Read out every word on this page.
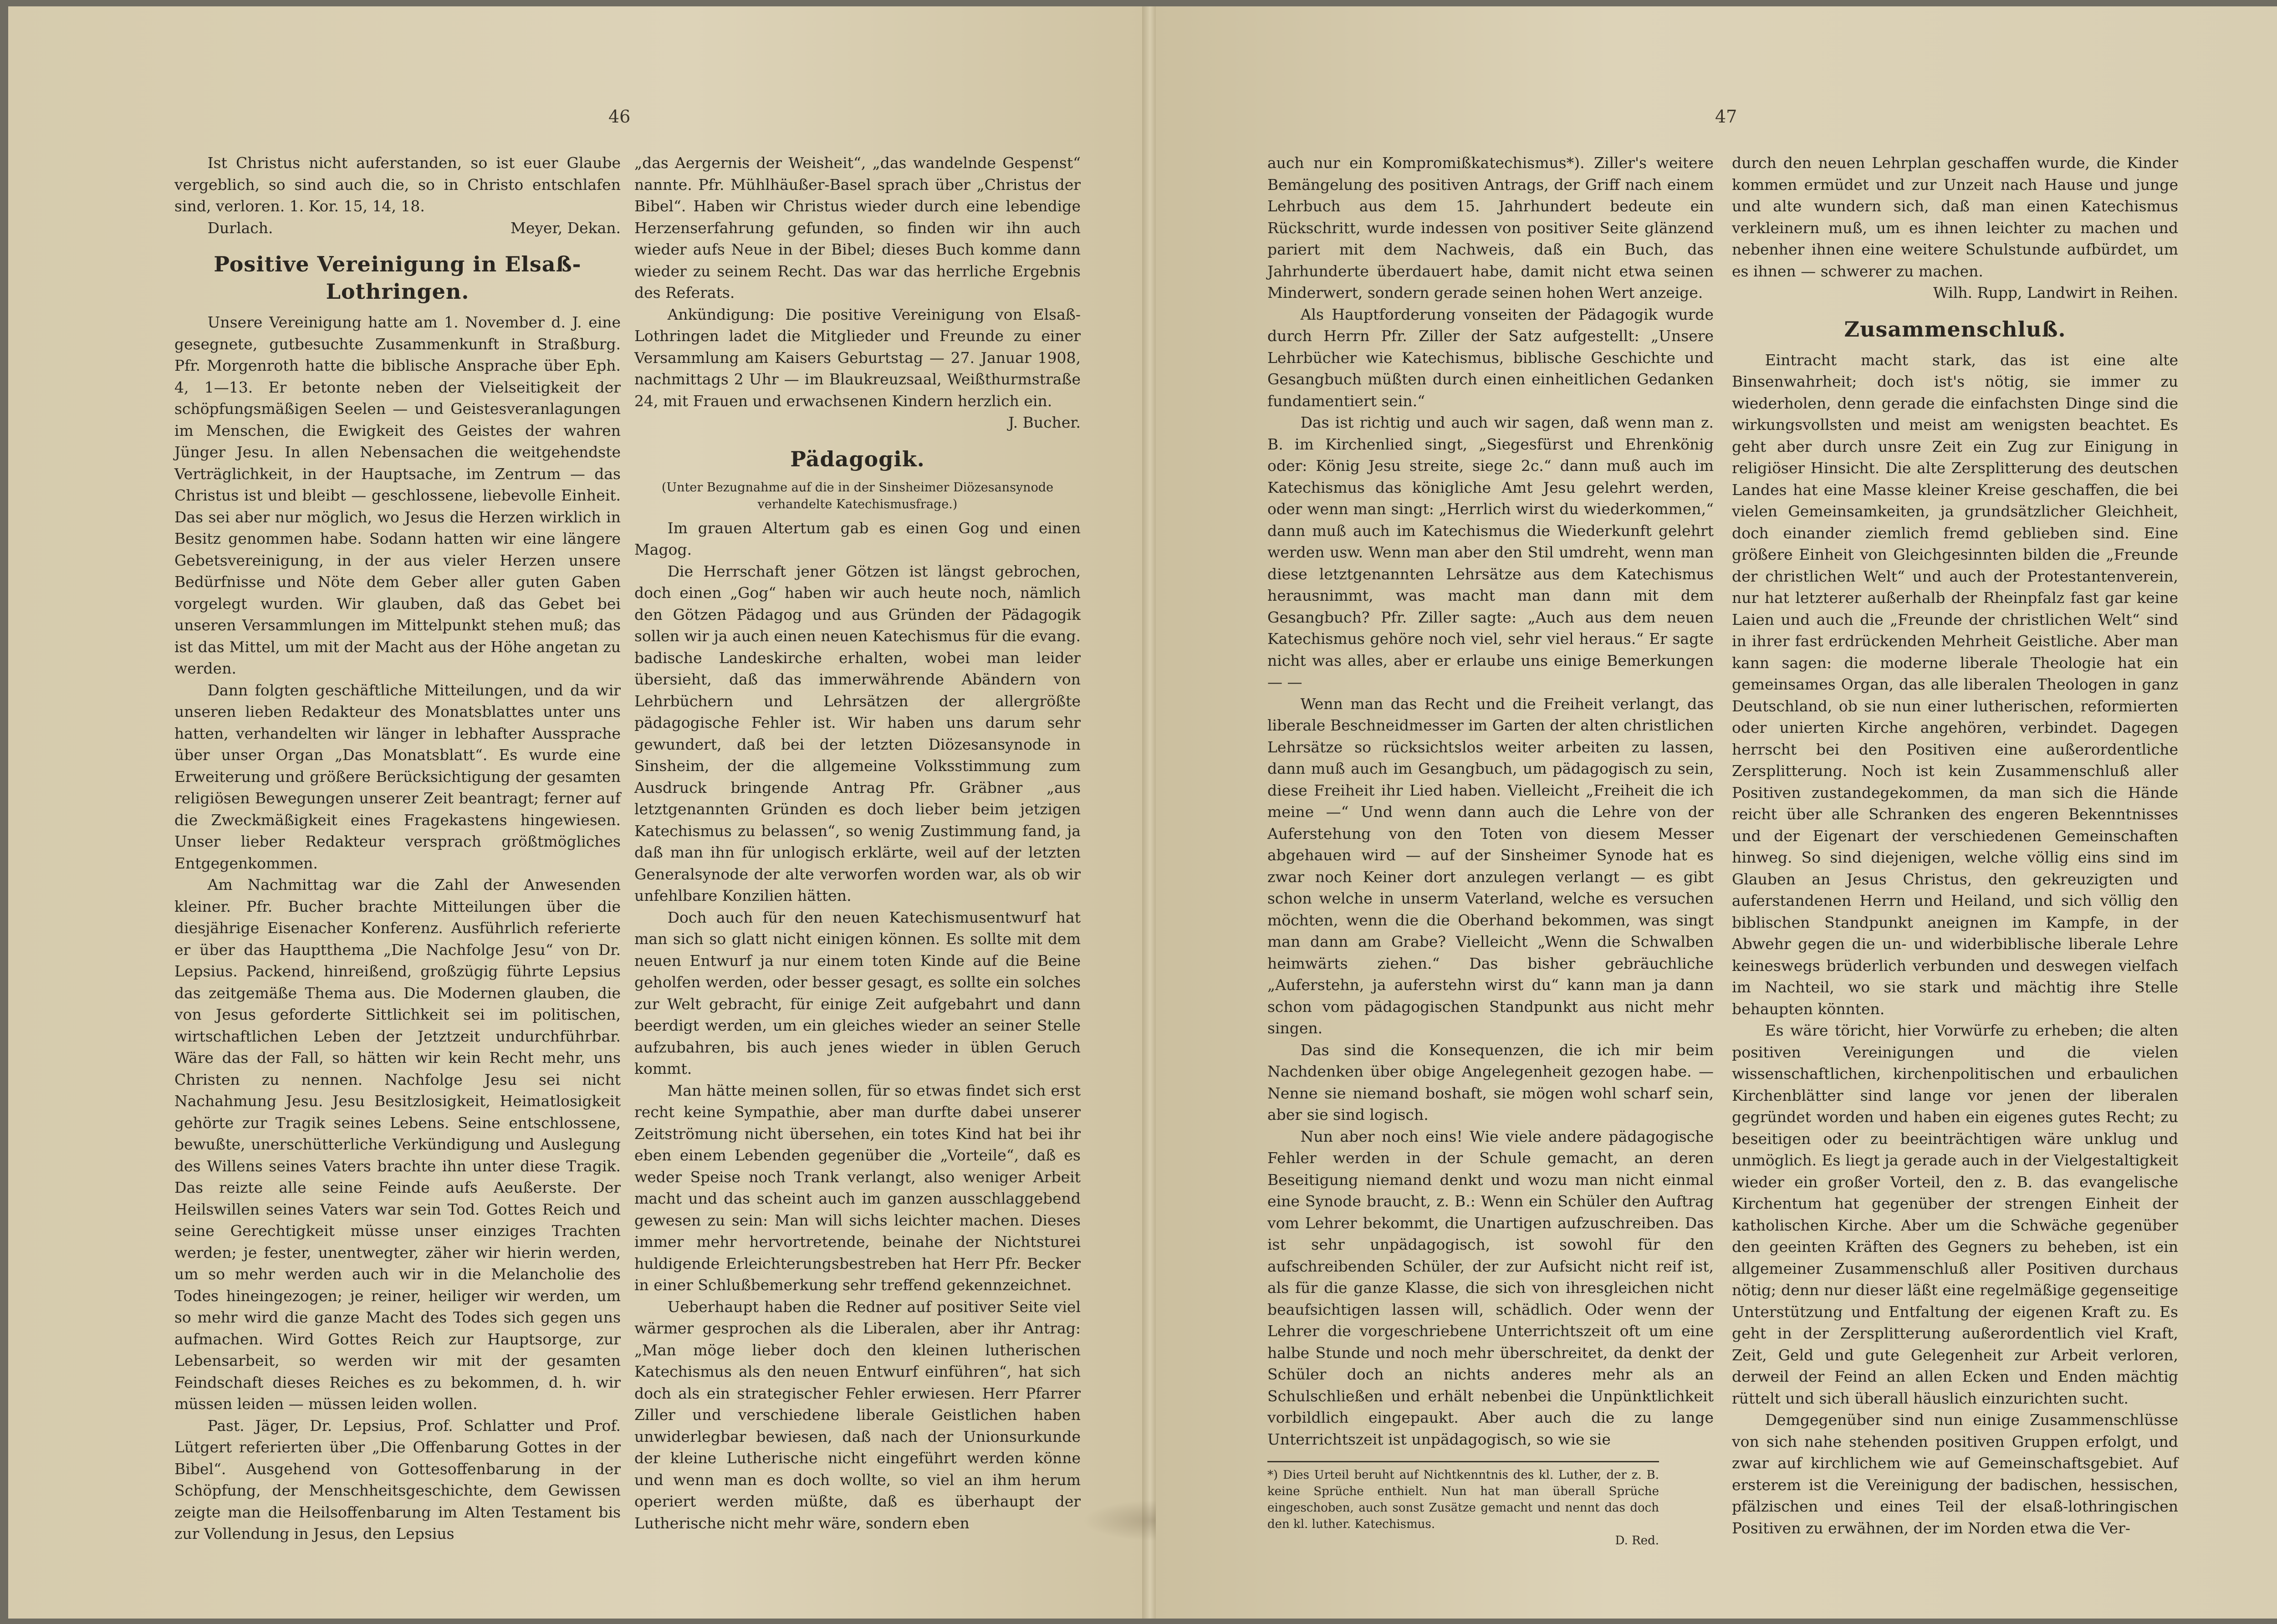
46

Ist Christus nicht auferstanden, so ist euer Glaube vergeblich, so sind auch die, so in Christo entschlafen sind, verloren. 1. Kor. 15, 14, 18.

Durlach.	Meyer, Dekan.

Positive Vereinigung in Elsaß-Lothringen.

Unsere Vereinigung hatte am 1. November d. J. eine gesegnete, gutbesuchte Zusammenkunft in Straßburg. Pfr. Morgenroth hatte die biblische Ansprache über Eph. 4, 1—13. Er betonte neben der Vielseitigkeit der schöpfungsmäßigen Seelen — und Geistesveranlagungen im Menschen, die Ewigkeit des Geistes der wahren Jünger Jesu. In allen Nebensachen die weitgehendste Verträglichkeit, in der Hauptsache, im Zentrum — das Christus ist und bleibt — geschlossene, liebevolle Einheit. Das sei aber nur möglich, wo Jesus die Herzen wirklich in Besitz genommen habe. Sodann hatten wir eine längere Gebetsvereinigung, in der aus vieler Herzen unsere Bedürfnisse und Nöte dem Geber aller guten Gaben vorgelegt wurden. Wir glauben, daß das Gebet bei unseren Versammlungen im Mittelpunkt stehen muß; das ist das Mittel, um mit der Macht aus der Höhe angetan zu werden.

Dann folgten geschäftliche Mitteilungen, und da wir unseren lieben Redakteur des Monatsblattes unter uns hatten, verhandelten wir länger in lebhafter Aussprache über unser Organ „Das Monatsblatt“. Es wurde eine Erweiterung und größere Berücksichtigung der gesamten religiösen Bewegungen unserer Zeit beantragt; ferner auf die Zweckmäßigkeit eines Fragekastens hingewiesen. Unser lieber Redakteur versprach größtmögliches Entgegenkommen.

Am Nachmittag war die Zahl der Anwesenden kleiner. Pfr. Bucher brachte Mitteilungen über die diesjährige Eisenacher Konferenz. Ausführlich referierte er über das Hauptthema „Die Nachfolge Jesu“ von Dr. Lepsius. Packend, hinreißend, großzügig führte Lepsius das zeitgemäße Thema aus. Die Modernen glauben, die von Jesus geforderte Sittlichkeit sei im politischen, wirtschaftlichen Leben der Jetztzeit undurchführbar. Wäre das der Fall, so hätten wir kein Recht mehr, uns Christen zu nennen. Nachfolge Jesu sei nicht Nachahmung Jesu. Jesu Besitzlosigkeit, Heimatlosigkeit gehörte zur Tragik seines Lebens. Seine entschlossene, bewußte, unerschütterliche Verkündigung und Auslegung des Willens seines Vaters brachte ihn unter diese Tragik. Das reizte alle seine Feinde aufs Aeußerste. Der Heilswillen seines Vaters war sein Tod. Gottes Reich und seine Gerechtigkeit müsse unser einziges Trachten werden; je fester, unentwegter, zäher wir hierin werden, um so mehr werden auch wir in die Melancholie des Todes hineingezogen; je reiner, heiliger wir werden, um so mehr wird die ganze Macht des Todes sich gegen uns aufmachen. Wird Gottes Reich zur Hauptsorge, zur Lebensarbeit, so werden wir mit der gesamten Feindschaft dieses Reiches es zu bekommen, d. h. wir müssen leiden — müssen leiden wollen.

Past. Jäger, Dr. Lepsius, Prof. Schlatter und Prof. Lütgert referierten über „Die Offenbarung Gottes in der Bibel“. Ausgehend von Gottesoffenbarung in der Schöpfung, der Menschheitsgeschichte, dem Gewissen zeigte man die Heilsoffenbarung im Alten Testament bis zur Vollendung in Jesus, den Lepsius

„das Aergernis der Weisheit“, „das wandelnde Gespenst“ nannte. Pfr. Mühlhäußer-Basel sprach über „Christus der Bibel“. Haben wir Christus wieder durch eine lebendige Herzenserfahrung gefunden, so finden wir ihn auch wieder aufs Neue in der Bibel; dieses Buch komme dann wieder zu seinem Recht. Das war das herrliche Ergebnis des Referats.

Ankündigung: Die positive Vereinigung von Elsaß-Lothringen ladet die Mitglieder und Freunde zu einer Versammlung am Kaisers Geburtstag — 27. Januar 1908, nachmittags 2 Uhr — im Blaukreuzsaal, Weißthurmstraße 24, mit Frauen und erwachsenen Kindern herzlich ein.

J. Bucher.

Pädagogik.
(Unter Bezugnahme auf die in der Sinsheimer Diözesansynode verhandelte Katechismusfrage.)

Im grauen Altertum gab es einen Gog und einen Magog.

Die Herrschaft jener Götzen ist längst gebrochen, doch einen „Gog“ haben wir auch heute noch, nämlich den Götzen Pädagog und aus Gründen der Pädagogik sollen wir ja auch einen neuen Katechismus für die evang. badische Landeskirche erhalten, wobei man leider übersieht, daß das immerwährende Abändern von Lehrbüchern und Lehrsätzen der allergrößte pädagogische Fehler ist. Wir haben uns darum sehr gewundert, daß bei der letzten Diözesansynode in Sinsheim, der die allgemeine Volksstimmung zum Ausdruck bringende Antrag Pfr. Gräbner „aus letztgenannten Gründen es doch lieber beim jetzigen Katechismus zu belassen“, so wenig Zustimmung fand, ja daß man ihn für unlogisch erklärte, weil auf der letzten Generalsynode der alte verworfen worden war, als ob wir unfehlbare Konzilien hätten.

Doch auch für den neuen Katechismusentwurf hat man sich so glatt nicht einigen können. Es sollte mit dem neuen Entwurf ja nur einem toten Kinde auf die Beine geholfen werden, oder besser gesagt, es sollte ein solches zur Welt gebracht, für einige Zeit aufgebahrt und dann beerdigt werden, um ein gleiches wieder an seiner Stelle aufzubahren, bis auch jenes wieder in üblen Geruch kommt.

Man hätte meinen sollen, für so etwas findet sich erst recht keine Sympathie, aber man durfte dabei unserer Zeitströmung nicht übersehen, ein totes Kind hat bei ihr eben einem Lebenden gegenüber die „Vorteile“, daß es weder Speise noch Trank verlangt, also weniger Arbeit macht und das scheint auch im ganzen ausschlaggebend gewesen zu sein: Man will sichs leichter machen. Dieses immer mehr hervortretende, beinahe der Nichtsturei huldigende Erleichterungsbestreben hat Herr Pfr. Becker in einer Schlußbemerkung sehr treffend gekennzeichnet.

Ueberhaupt haben die Redner auf positiver Seite viel wärmer gesprochen als die Liberalen, aber ihr Antrag: „Man möge lieber doch den kleinen lutherischen Katechismus als den neuen Entwurf einführen“, hat sich doch als ein strategischer Fehler erwiesen. Herr Pfarrer Ziller und verschiedene liberale Geistlichen haben unwiderlegbar bewiesen, daß nach der Unionsurkunde der kleine Lutherische nicht eingeführt werden könne und wenn man es doch wollte, so viel an ihm herum operiert werden müßte, daß es überhaupt der Lutherische nicht mehr wäre, sondern eben

47

auch nur ein Kompromißkatechismus*). Ziller's weitere Bemängelung des positiven Antrags, der Griff nach einem Lehrbuch aus dem 15. Jahrhundert bedeute ein Rückschritt, wurde indessen von positiver Seite glänzend pariert mit dem Nachweis, daß ein Buch, das Jahrhunderte überdauert habe, damit nicht etwa seinen Minderwert, sondern gerade seinen hohen Wert anzeige.

Als Hauptforderung vonseiten der Pädagogik wurde durch Herrn Pfr. Ziller der Satz aufgestellt: „Unsere Lehrbücher wie Katechismus, biblische Geschichte und Gesangbuch müßten durch einen einheitlichen Gedanken fundamentiert sein.“

Das ist richtig und auch wir sagen, daß wenn man z. B. im Kirchenlied singt, „Siegesfürst und Ehrenkönig oder: König Jesu streite, siege 2c.“ dann muß auch im Katechismus das königliche Amt Jesu gelehrt werden, oder wenn man singt: „Herrlich wirst du wiederkommen,“ dann muß auch im Katechismus die Wiederkunft gelehrt werden usw. Wenn man aber den Stil umdreht, wenn man diese letztgenannten Lehrsätze aus dem Katechismus herausnimmt, was macht man dann mit dem Gesangbuch? Pfr. Ziller sagte: „Auch aus dem neuen Katechismus gehöre noch viel, sehr viel heraus.“ Er sagte nicht was alles, aber er erlaube uns einige Bemerkungen — —

Wenn man das Recht und die Freiheit verlangt, das liberale Beschneidmesser im Garten der alten christlichen Lehrsätze so rücksichtslos weiter arbeiten zu lassen, dann muß auch im Gesangbuch, um pädagogisch zu sein, diese Freiheit ihr Lied haben. Vielleicht „Freiheit die ich meine —“ Und wenn dann auch die Lehre von der Auferstehung von den Toten von diesem Messer abgehauen wird — auf der Sinsheimer Synode hat es zwar noch Keiner dort anzulegen verlangt — es gibt schon welche in unserm Vaterland, welche es versuchen möchten, wenn die die Oberhand bekommen, was singt man dann am Grabe? Vielleicht „Wenn die Schwalben heimwärts ziehen.“ Das bisher gebräuchliche „Auferstehn, ja auferstehn wirst du“ kann man ja dann schon vom pädagogischen Standpunkt aus nicht mehr singen.

Das sind die Konsequenzen, die ich mir beim Nachdenken über obige Angelegenheit gezogen habe. — Nenne sie niemand boshaft, sie mögen wohl scharf sein, aber sie sind logisch.

Nun aber noch eins! Wie viele andere pädagogische Fehler werden in der Schule gemacht, an deren Beseitigung niemand denkt und wozu man nicht einmal eine Synode braucht, z. B.: Wenn ein Schüler den Auftrag vom Lehrer bekommt, die Unartigen aufzuschreiben. Das ist sehr unpädagogisch, ist sowohl für den aufschreibenden Schüler, der zur Aufsicht nicht reif ist, als für die ganze Klasse, die sich von ihresgleichen nicht beaufsichtigen lassen will, schädlich. Oder wenn der Lehrer die vorgeschriebene Unterrichtszeit oft um eine halbe Stunde und noch mehr überschreitet, da denkt der Schüler doch an nichts anderes mehr als an Schulschließen und erhält nebenbei die Unpünktlichkeit vorbildlich eingepaukt. Aber auch die zu lange Unterrichtszeit ist unpädagogisch, so wie sie

*) Dies Urteil beruht auf Nichtkenntnis des kl. Luther, der z. B. keine Sprüche enthielt. Nun hat man überall Sprüche eingeschoben, auch sonst Zusätze gemacht und nennt das doch den kl. luther. Katechismus.
D. Red.

durch den neuen Lehrplan geschaffen wurde, die Kinder kommen ermüdet und zur Unzeit nach Hause und junge und alte wundern sich, daß man einen Katechismus verkleinern muß, um es ihnen leichter zu machen und nebenher ihnen eine weitere Schulstunde aufbürdet, um es ihnen — schwerer zu machen.

Wilh. Rupp, Landwirt in Reihen.

Zusammenschluß.

Eintracht macht stark, das ist eine alte Binsenwahrheit; doch ist's nötig, sie immer zu wiederholen, denn gerade die einfachsten Dinge sind die wirkungsvollsten und meist am wenigsten beachtet. Es geht aber durch unsre Zeit ein Zug zur Einigung in religiöser Hinsicht. Die alte Zersplitterung des deutschen Landes hat eine Masse kleiner Kreise geschaffen, die bei vielen Gemeinsamkeiten, ja grundsätzlicher Gleichheit, doch einander ziemlich fremd geblieben sind. Eine größere Einheit von Gleichgesinnten bilden die „Freunde der christlichen Welt“ und auch der Protestantenverein, nur hat letzterer außerhalb der Rheinpfalz fast gar keine Laien und auch die „Freunde der christlichen Welt“ sind in ihrer fast erdrückenden Mehrheit Geistliche. Aber man kann sagen: die moderne liberale Theologie hat ein gemeinsames Organ, das alle liberalen Theologen in ganz Deutschland, ob sie nun einer lutherischen, reformierten oder unierten Kirche angehören, verbindet. Dagegen herrscht bei den Positiven eine außerordentliche Zersplitterung. Noch ist kein Zusammenschluß aller Positiven zustandegekommen, da man sich die Hände reicht über alle Schranken des engeren Bekenntnisses und der Eigenart der verschiedenen Gemeinschaften hinweg. So sind diejenigen, welche völlig eins sind im Glauben an Jesus Christus, den gekreuzigten und auferstandenen Herrn und Heiland, und sich völlig den biblischen Standpunkt aneignen im Kampfe, in der Abwehr gegen die un- und widerbiblische liberale Lehre keineswegs brüderlich verbunden und deswegen vielfach im Nachteil, wo sie stark und mächtig ihre Stelle behaupten könnten.

Es wäre töricht, hier Vorwürfe zu erheben; die alten positiven Vereinigungen und die vielen wissenschaftlichen, kirchenpolitischen und erbaulichen Kirchenblätter sind lange vor jenen der liberalen gegründet worden und haben ein eigenes gutes Recht; zu beseitigen oder zu beeinträchtigen wäre unklug und unmöglich. Es liegt ja gerade auch in der Vielgestaltigkeit wieder ein großer Vorteil, den z. B. das evangelische Kirchentum hat gegenüber der strengen Einheit der katholischen Kirche. Aber um die Schwäche gegenüber den geeinten Kräften des Gegners zu beheben, ist ein allgemeiner Zusammenschluß aller Positiven durchaus nötig; denn nur dieser läßt eine regelmäßige gegenseitige Unterstützung und Entfaltung der eigenen Kraft zu. Es geht in der Zersplitterung außerordentlich viel Kraft, Zeit, Geld und gute Gelegenheit zur Arbeit verloren, derweil der Feind an allen Ecken und Enden mächtig rüttelt und sich überall häuslich einzurichten sucht.

Demgegenüber sind nun einige Zusammenschlüsse von sich nahe stehenden positiven Gruppen erfolgt, und zwar auf kirchlichem wie auf Gemeinschaftsgebiet. Auf ersterem ist die Vereinigung der badischen, hessischen, pfälzischen und eines Teil der elsaß-lothringischen Positiven zu erwähnen, der im Norden etwa die Ver-
